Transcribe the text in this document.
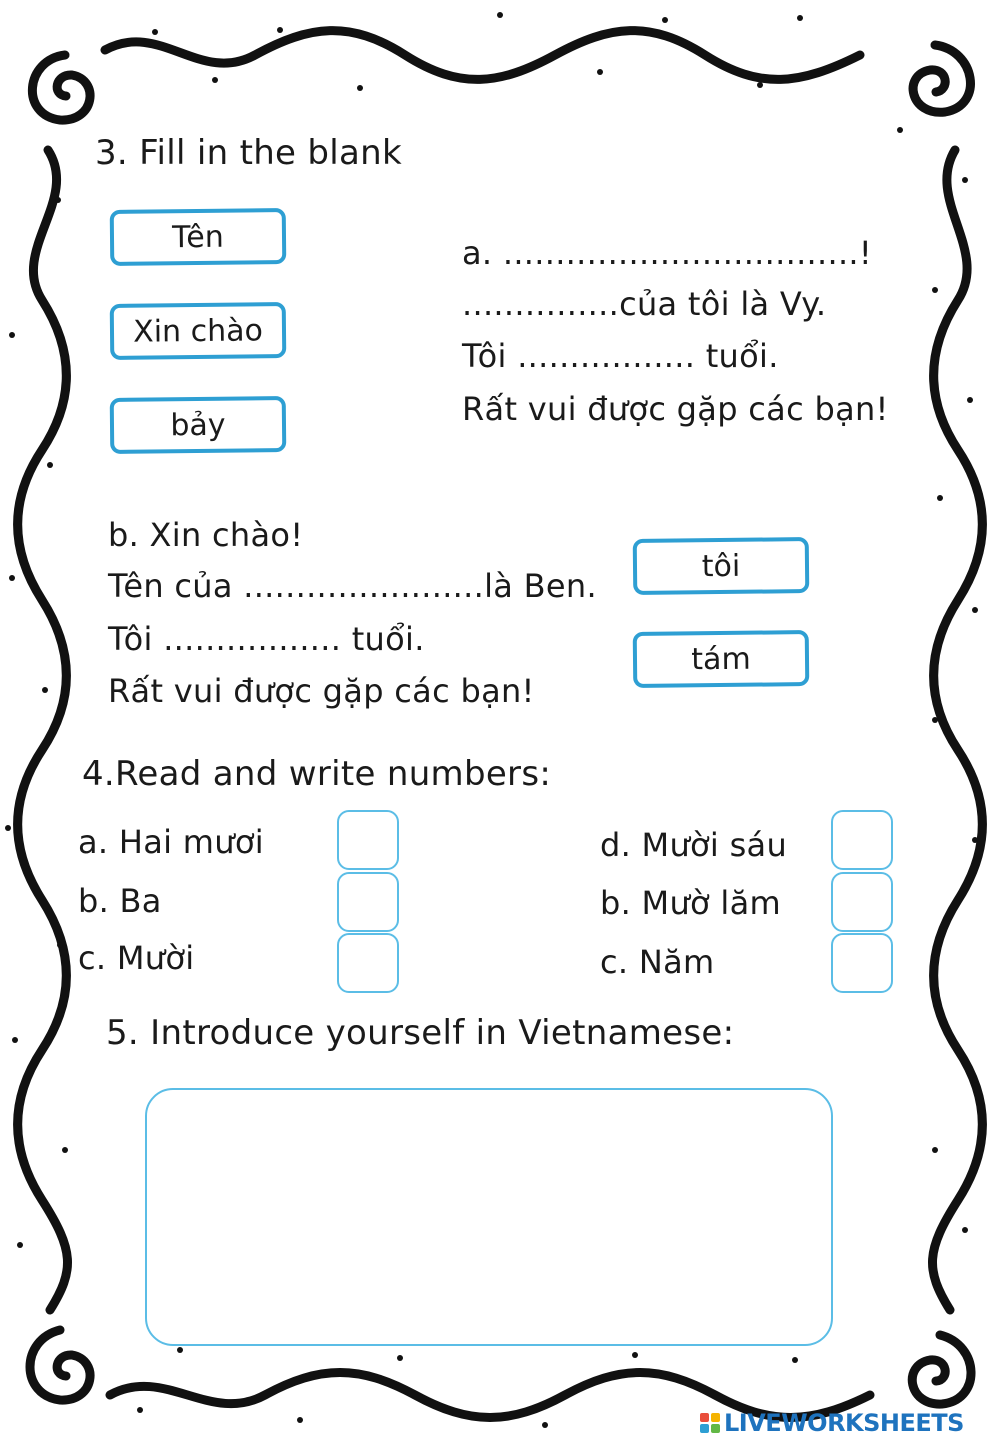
3. Fill in the blank
Tên
Xin chào
bảy
a. ..................................!
...............của tôi là Vy.
Tôi ................. tuổi.
Rất vui được gặp các bạn!
b. Xin chào!
Tên của .......................là Ben.
Tôi ................. tuổi.
Rất vui được gặp các bạn!
tôi
tám
4.Read and write numbers:
a. Hai mươi
b. Ba
c. Mười
d. Mười sáu
b. Mườ lăm
c. Năm
5. Introduce yourself in Vietnamese:
LIVEWORKSHEETS
